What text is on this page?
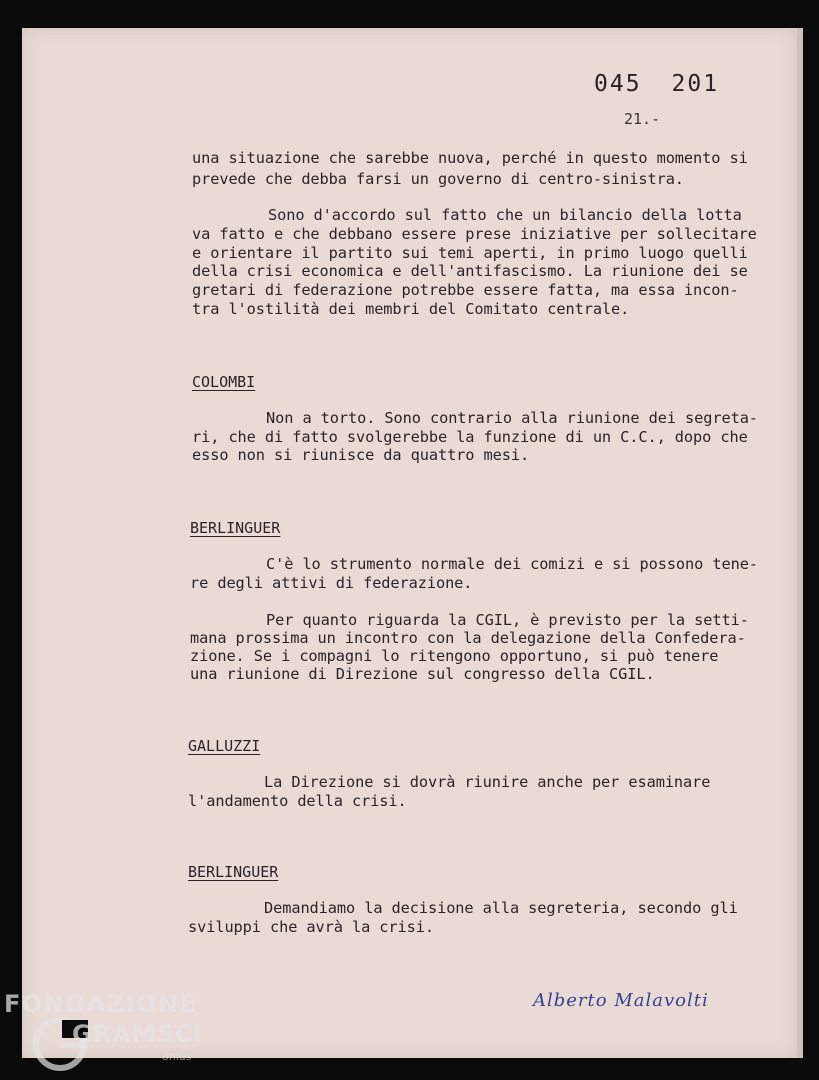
045 201
21.-
una situazione che sarebbe nuova, perché in questo momento si
prevede che debba farsi un governo di centro-sinistra.
Sono d'accordo sul fatto che un bilancio della lotta
va fatto e che debbano essere prese iniziative per sollecitare
e orientare il partito sui temi aperti, in primo luogo quelli
della crisi economica e dell'antifascismo. La riunione dei se
gretari di federazione potrebbe essere fatta, ma essa incon-
tra l'ostilità dei membri del Comitato centrale.
COLOMBI
Non a torto. Sono contrario alla riunione dei segreta-
ri, che di fatto svolgerebbe la funzione di un C.C., dopo che
esso non si riunisce da quattro mesi.
BERLINGUER
C'è lo strumento normale dei comizi e si possono tene-
re degli attivi di federazione.
Per quanto riguarda la CGIL, è previsto per la setti-
mana prossima un incontro con la delegazione della Confedera-
zione. Se i compagni lo ritengono opportuno, si può tenere
una riunione di Direzione sul congresso della CGIL.
GALLUZZI
La Direzione si dovrà riunire anche per esaminare
l'andamento della crisi.
BERLINGUER
Demandiamo la decisione alla segreteria, secondo gli
sviluppi che avrà la crisi.
Alberto Malavolti
FONDAZIONE
GRAMSCI
onlus
